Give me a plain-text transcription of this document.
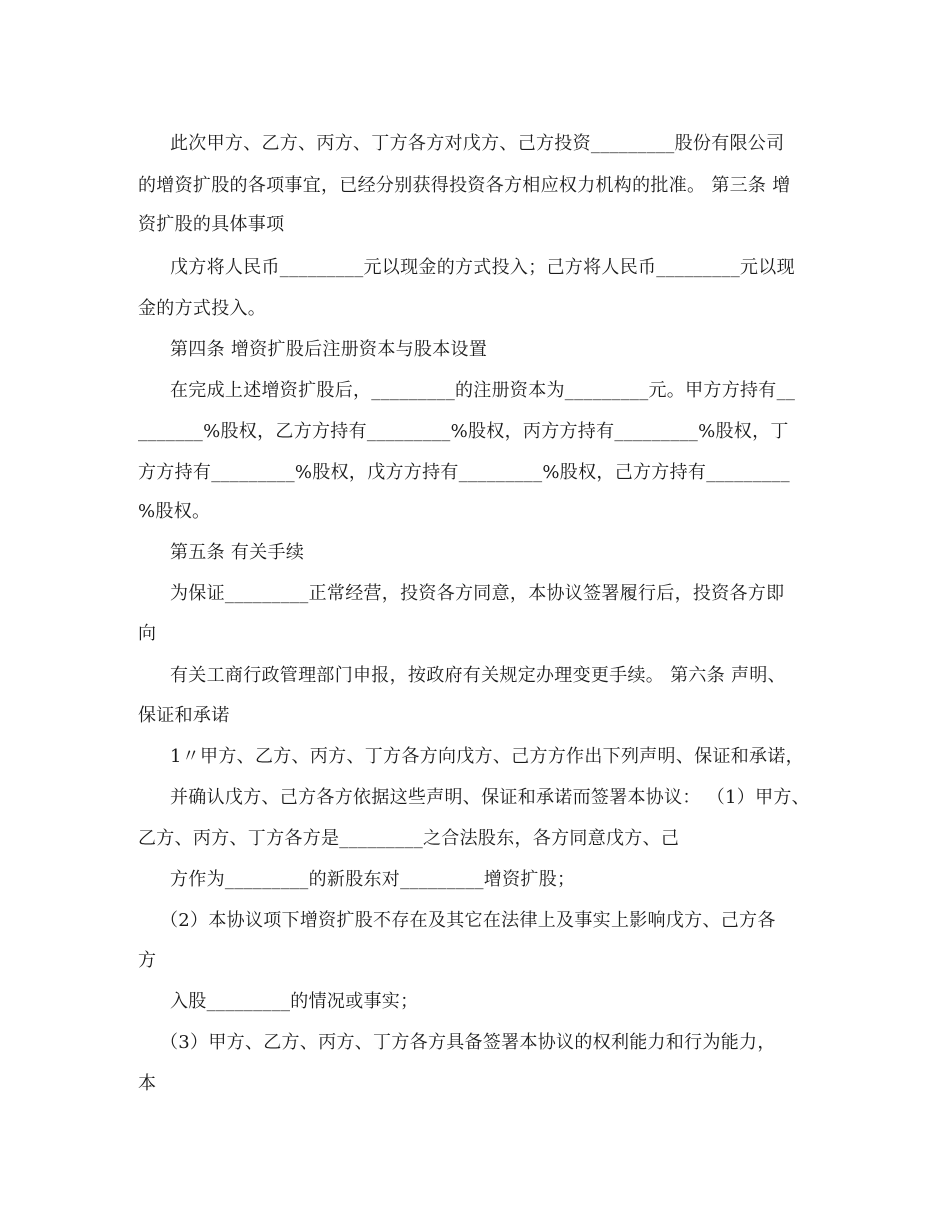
此次甲方、乙方、丙方、丁方各方对戊方、己方投资_________股份有限公司
的增资扩股的各项事宜，已经分别获得投资各方相应权力机构的批准。 第三条 增
资扩股的具体事项
戊方将人民币_________元以现金的方式投入；己方将人民币_________元以现
金的方式投入。
第四条 增资扩股后注册资本与股本设置
在完成上述增资扩股后，_________的注册资本为_________元。甲方方持有__
_______%股权，乙方方持有_________%股权，丙方方持有_________%股权，丁
方方持有_________%股权，戊方方持有_________%股权，己方方持有_________
%股权。
第五条 有关手续
为保证_________正常经营，投资各方同意，本协议签署履行后，投资各方即
向
有关工商行政管理部门申报，按政府有关规定办理变更手续。 第六条 声明、
保证和承诺
1〃甲方、乙方、丙方、丁方各方向戊方、己方方作出下列声明、保证和承诺，
并确认戊方、己方各方依据这些声明、保证和承诺而签署本协议： （1）甲方、
乙方、丙方、丁方各方是_________之合法股东，各方同意戊方、己
方作为_________的新股东对_________增资扩股；
（2）本协议项下增资扩股不存在及其它在法律上及事实上影响戊方、己方各
方
入股_________的情况或事实；
（3）甲方、乙方、丙方、丁方各方具备签署本协议的权利能力和行为能力，
本
